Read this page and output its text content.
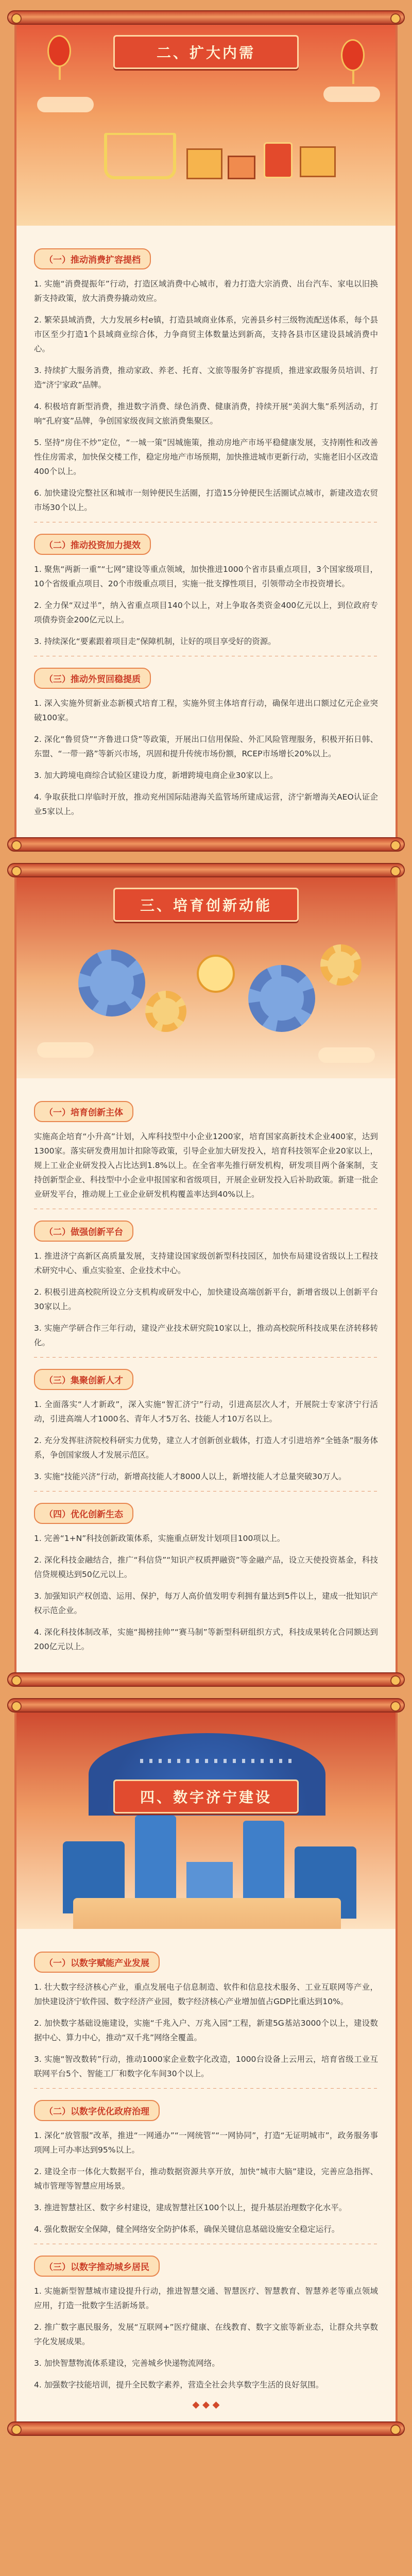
二、扩大内需
（一）推动消费扩容提档

1. 实施“消费提振年”行动，打造区域消费中心城市，着力打造大宗消费、出台汽车、家电以旧换新支持政策，放大消费券撬动效应。

2. 繁荣县域消费，大力发展乡村e镇，打造县域商业体系，完善县乡村三级物流配送体系，每个县市区至少打造1个县域商业综合体，力争商贸主体数量达到新高，支持各县市区建设县域消费中心。

3. 持续扩大服务消费，推动家政、养老、托育、文旅等服务扩容提质，推进家政服务员培训、打造“济宁家政”品牌。

4. 积极培育新型消费，推进数字消费、绿色消费、健康消费，持续开展“美润大集”系列活动，打响“孔府宴”品牌，争创国家级夜间文旅消费集聚区。

5. 坚持“房住不炒”定位，“一城一策”因城施策，推动房地产市场平稳健康发展，支持刚性和改善性住房需求，加快保交楼工作，稳定房地产市场预期，加快推进城市更新行动，实施老旧小区改造400个以上。

6. 加快建设完整社区和城市一刻钟便民生活圈，打造15分钟便民生活圈试点城市，新建改造农贸市场30个以上。

（二）推动投资加力提效

1. 聚焦“两新一重”“七网”建设等重点领域，加快推进1000个省市县重点项目，3个国家级项目，10个省级重点项目、20个市级重点项目，实施一批支撑性项目，引领带动全市投资增长。

2. 全力保“双过半”，纳入省重点项目140个以上，对上争取各类资金400亿元以上，到位政府专项债券资金200亿元以上。

3. 持续深化“要素跟着项目走”保障机制，让好的项目享受好的资源。

（三）推动外贸回稳提质

1. 深入实施外贸新业态新模式培育工程，实施外贸主体培育行动，确保年进出口额过亿元企业突破100家。

2. 深化“鲁贸贷”“齐鲁进口贷”等政策，开展出口信用保险、外汇风险管理服务，积极开拓日韩、东盟、“一带一路”等新兴市场，巩固和提升传统市场份额，RCEP市场增长20%以上。

3. 加大跨境电商综合试验区建设力度，新增跨境电商企业30家以上。

4. 争取获批口岸临时开放，推动兖州国际陆港海关监管场所建成运营，济宁新增海关AEO认证企业5家以上。

三、培育创新动能
（一）培育创新主体

实施高企培育“小升高”计划，入库科技型中小企业1200家，培育国家高新技术企业400家，达到1300家。落实研发费用加计扣除等政策，引导企业加大研发投入，培育科技领军企业20家以上，规上工业企业研发投入占比达到1.8%以上。在全省率先推行研发机构，研发项目两个备案制，支持创新型企业、科技型中小企业申报国家和省级项目，开展企业研发投入后补助政策。新建一批企业研发平台，推动规上工业企业研发机构覆盖率达到40%以上。

（二）做强创新平台

1. 推进济宁高新区高质量发展，支持建设国家级创新型科技园区，加快布局建设省级以上工程技术研究中心、重点实验室、企业技术中心。

2. 积极引进高校院所设立分支机构或研发中心，加快建设高端创新平台，新增省级以上创新平台30家以上。

3. 实施产学研合作三年行动，建设产业技术研究院10家以上，推动高校院所科技成果在济转移转化。

（三）集聚创新人才

1. 全面落实“人才新政”，深入实施“智汇济宁”行动，引进高层次人才，开展院士专家济宁行活动，引进高端人才1000名、青年人才5万名、技能人才10万名以上。

2. 充分发挥驻济院校科研实力优势，建立人才创新创业载体，打造人才引进培养“全链条”服务体系，争创国家级人才发展示范区。

3. 实施“技能兴济”行动，新增高技能人才8000人以上，新增技能人才总量突破30万人。

（四）优化创新生态

1. 完善“1+N”科技创新政策体系，实施重点研发计划项目100项以上。

2. 深化科技金融结合，推广“科信贷”“知识产权质押融资”等金融产品，设立天使投资基金，科技信贷规模达到50亿元以上。

3. 加强知识产权创造、运用、保护，每万人高价值发明专利拥有量达到5件以上，建成一批知识产权示范企业。

4. 深化科技体制改革，实施“揭榜挂帅”“赛马制”等新型科研组织方式，科技成果转化合同额达到200亿元以上。

四、数字济宁建设
（一）以数字赋能产业发展

1. 壮大数字经济核心产业，重点发展电子信息制造、软件和信息技术服务、工业互联网等产业，加快建设济宁软件园、数字经济产业园，数字经济核心产业增加值占GDP比重达到10%。

2. 加快数字基础设施建设，实施“千兆入户、万兆入园”工程，新建5G基站3000个以上，建设数据中心、算力中心，推动“双千兆”网络全覆盖。

3. 实施“智改数转”行动，推动1000家企业数字化改造，1000台设备上云用云，培育省级工业互联网平台5个、智能工厂和数字化车间30个以上。

（二）以数字优化政府治理

1. 深化“放管服”改革，推进“一网通办”“一网统管”“一网协同”，打造“无证明城市”，政务服务事项网上可办率达到95%以上。

2. 建设全市一体化大数据平台，推动数据资源共享开放，加快“城市大脑”建设，完善应急指挥、城市管理等智慧应用场景。

3. 推进智慧社区、数字乡村建设，建成智慧社区100个以上，提升基层治理数字化水平。

4. 强化数据安全保障，健全网络安全防护体系，确保关键信息基础设施安全稳定运行。

（三）以数字推动城乡居民

1. 实施新型智慧城市建设提升行动，推进智慧交通、智慧医疗、智慧教育、智慧养老等重点领域应用，打造一批数字生活新场景。

2. 推广数字惠民服务，发展“互联网+”医疗健康、在线教育、数字文旅等新业态，让群众共享数字化发展成果。

3. 加快智慧物流体系建设，完善城乡快递物流网络。

4. 加强数字技能培训，提升全民数字素养，营造全社会共享数字生活的良好氛围。

◆ ◆ ◆
